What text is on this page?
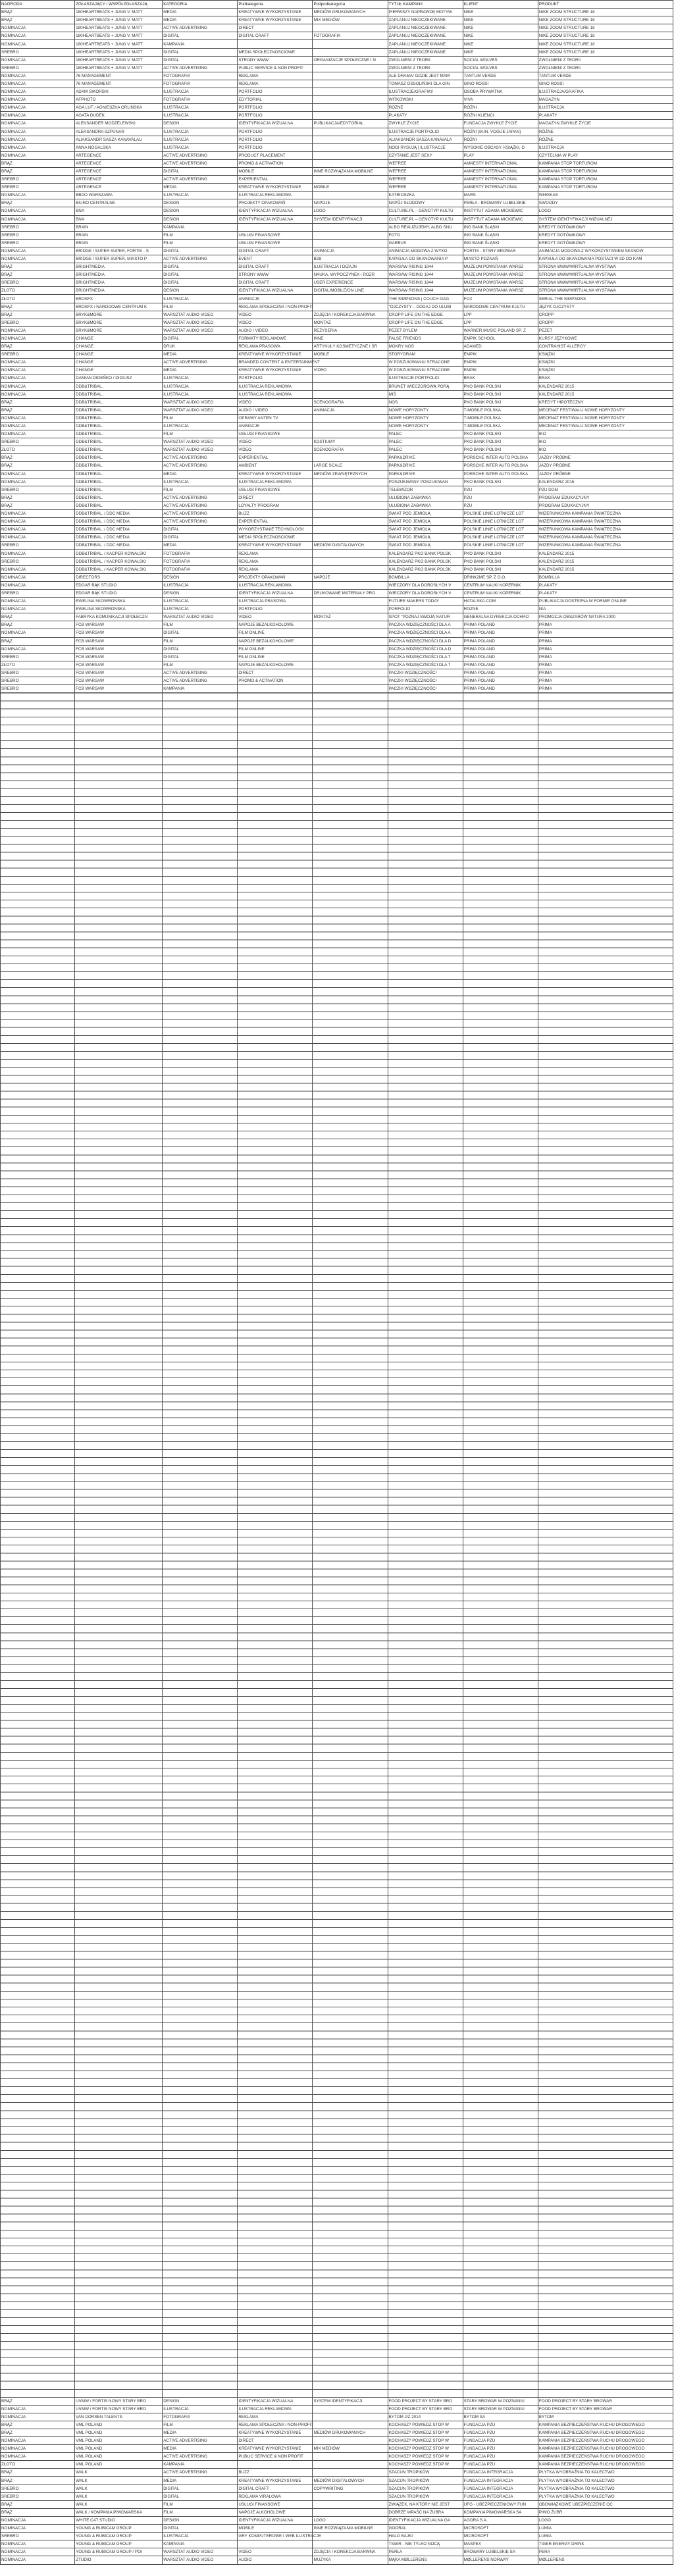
NAGRODA	ZGŁASZAJĄCY / WSPÓŁZGŁASZAJĄ	KATEGORIA	Podkategoria	Podpodkategoria	TYTUŁ KAMPANII	KLIENT	PRODUKT
BRĄZ	180HEARTBEATS + JUNG V. MATT	MEDIA	KREATYWNE WYKORZYSTANIE	MEDIÓW DRUKOWANYCH	PIERWSZY NAPRAWDĘ MOTYW	NIKE	NIKE ZOOM STRUCTURE 18
BRĄZ	180HEARTBEATS + JUNG V. MATT	MEDIA	KREATYWNE WYKORZYSTANIE	MIX MEDIÓW	ZAPLANUJ NIEOCZEKIWANE	NIKE	NIKE ZOOM STRUCTURE 18
NOMINACJA	180HEARTBEATS + JUNG V. MATT	ACTIVE ADVERTISING	DIRECT		ZAPLANUJ NIEOCZEKIWANE	NIKE	NIKE ZOOM STRUCTURE 18
NOMINACJA	180HEARTBEATS + JUNG V. MATT	DIGITAL	DIGITAL CRAFT	FOTOGRAFIA	ZAPLANUJ NIEOCZEKIWANE	NIKE	NIKE ZOOM STRUCTURE 18
NOMINACJA	180HEARTBEATS + JUNG V. MATT	KAMPANIA			ZAPLANUJ NIEOCZEKIWANE	NIKE	NIKE ZOOM STRUCTURE 18
SREBRO	180HEARTBEATS + JUNG V. MATT	DIGITAL	MEDIA SPOŁECZNOSCIOWE		ZAPLANUJ NIEOCZEKIWANE	NIKE	NIKE ZOOM STRUCTURE 18
NOMINACJA	180HEARTBEATS + JUNG V. MATT	DIGITAL	STRONY WWW	ORGANIZACJE SPOŁECZNE I N	ZWOLNIENI Z TEORII	SOCIAL WOLVES	ZWOLNIENI Z TEORII
SREBRO	180HEARTBEATS + JUNG V. MATT	ACTIVE ADVERTISING	PUBLIC SERVICE & NON PROFIT		ZWOLNIENI Z TEORII	SOCIAL WOLVES	ZWOLNIENI Z TEORII
NOMINACJA	76 MANAGEMENT	FOTOGRAFIA	REKLAMA		ALE DRAMA! GDZIE JEST MAM	TANTUM VERDE	TANTUM VERDE
NOMINACJA	76 MANAGEMENT	FOTOGRAFIA	REKLAMA		TOMASZ OSSOLIŃSKI DLA GIN	GINO ROSSI	GINO ROSSI
NOMINACJA	ADAM SIKORSKI	ILUSTRACJA	PORTFOLIO		ILUSTRACJE/GRAFIKI/	OSOBA PRYWATNA	ILUSTRACJA/GRAFIKA
NOMINACJA	AFPHOTO	FOTOGRAFIA	EDYTORIAL		WITKOWSKI	VIVA	MAGAZYN
NOMINACJA	AGA LUT / AGNIESZKA ORLIŃSKA	ILUSTRACJA	PORTFOLIO		RÓŻNE	RÓŻNI	ILUSTRACJA
NOMINACJA	AGATA DUDEK	ILUSTRACJA	PORTFOLIO		PLAKATY	RÓŻNI KLIENCI	PLAKATY
NOMINACJA	ALEKSANDER MODZELEWSKI	DESIGN	IDENTYFIKACJA WIZUALNA	PUBLIKACJA/EDYTORIAL	ZWYKŁE ŻYCIE	FUNDACJA ZWYKŁE ŻYCIE	MAGAZYN ZWYKŁE ŻYCIE
NOMINACJA	ALEKSANDRA SZPUNAR	ILUSTRACJA	PORTFOLIO		ILUSTRACJE PORTFOLIO	RÓŻNI (M.IN. VOGUE JAPAN)	RÓŻNE
NOMINACJA	ALIAKSANDR SASZA KANAVALAU	ILUSTRACJA	PORTFOLIO		ALIAKSANDR SASZA KANAVALA	RÓŻNI	RÓŻNE
NOMINACJA	ANNA NOGALSKA	ILUSTRACJA	PORTFOLIO		NOGI RYSUJĄ | ILUSTRACJE	WYSOKIE OBCASY, KSIĄŻKI, D	ILUSTRACJA
NOMINACJA	ARTEGENCE	ACTIVE ADVERTISING	PRODUCT PLACEMENT		CZYTANIE JEST SEXY	PLAY	CZYTELNIA W PLAY
BRĄZ	ARTEGENCE	ACTIVE ADVERTISING	PROMO & ACTIVATION		WEFREE	AMNESTY INTERNATIONAL	KAMPANIA STOP TORTUROM
BRĄZ	ARTEGENCE	DIGITAL	MOBILE	INNE ROZWIĄZANIA MOBILNE	WEFREE	AMNESTY INTERNATIONAL	KAMPANIA STOP TORTUROM
SREBRO	ARTEGENCE	ACTIVE ADVERTISING	EXPERIENTIAL		WEFREE	AMNESTY INTERNATIONAL	KAMPANIA STOP TORTUROM
SREBRO	ARTEGENCE	MEDIA	KREATYWNE WYKORZYSTANIE	MOBILE	WEFREE	AMNESTY INTERNATIONAL	KAMPANIA STOP TORTUROM
NOMINACJA	BBDO WARSZAWA	ILUSTRACJA	ILUSTRACJA REKLAMOWA		KATRIOSZKA	MARS	WHISKAS
BRĄZ	BIURO CENTRALNE	DESIGN	PROJEKTY OPAKOWAŃ	NAPOJE	NAPÓJ SŁODOWY	PERŁA - BROWARY LUBELSKIE	SWOODY
NOMINACJA	BNA	DESIGN	IDENTYFIKACJA WIZUALNA	LOGO	CULTURE.PL – GENOTYP KULTU	INSTYTUT ADAMA MICKIEWIC	LOGO
NOMINACJA	BNA	DESIGN	IDENTYFIKACJA WIZUALNA	SYSTEM IDENTYFIKACJI	CULTURE.PL – GENOTYP KULTU	INSTYTUT ADAMA MICKIEWIC	SYSTEM IDENTYFIKACJI WIZUALNEJ
SREBRO	BRAIN	KAMPANIA			ALBO REALIZUJEMY, ALBO SNU	ING BANK ŚLĄSKI	KREDYT GOTÓWKOWY
SREBRO	BRAIN	FILM	USŁUGI FINANSOWE		FOTO	ING BANK ŚLĄSKI	KREDYT GOTÓWKOWY
SREBRO	BRAIN	FILM	USŁUGI FINANSOWE		GARBUS	ING BANK ŚLĄSKI	KREDYT GOTÓWKOWY
NOMINACJA	BRIDGE / SUPER SUPER, FORTIS - S	DIGITAL	DIGITAL CRAFT	ANIMACJA	ANIMACJA MODOWA Z WYKO	FORTIS - STARY BROWAR	ANIMACJA MODOWA Z WYKORZYSTANIEM SKANOW
NOMINACJA	BRIDGE / SUPER SUPER, MIASTO P	ACTIVE ADVERTISING	EVENT	B2B	KAPSUŁA DO SKANOWANIA P	MIASTO POZNAŃ	KAPSUŁA DO SKANOWANIA POSTACI W 3D DO KAM
BRĄZ	BRIGHTMEDIA	DIGITAL	DIGITAL CRAFT	ILUSTRACJA I DIZAJN	WARSAW RISING 1944	MUZEUM POWSTANIA WARSZ	STRONA WWW/WIRTUALNA WYSTAWA
BRĄZ	BRIGHTMEDIA	DIGITAL	STRONY WWW	NAUKA, WYPOCZYNEK i ROZR	WARSAW RISING 1944	MUZEUM POWSTANIA WARSZ	STRONA WWW/WIRTUALNA WYSTAWA
SREBRO	BRIGHTMEDIA	DIGITAL	DIGITAL CRAFT	USER EXPERIENCE	WARSAW RISING 1944	MUZEUM POWSTANIA WARSZ	STRONA WWW/WIRTUALNA WYSTAWA
ZŁOTO	BRIGHTMEDIA	DESIGN	IDENTYFIKACJA WIZUALNA	DIGITAL/MOBILE/ON LINE	WARSAW RISING 1944	MUZEUM POWSTANIA WARSZ	STRONA WWW/WIRTUALNA WYSTAWA
ZŁOTO	BROSFX	ILUSTRACJA	ANIMACJE		THE SIMPSONS | COUCH GAG	FOX	SERIAL THE SIMPSONS
BRĄZ	BROSFX / NARODOWE CENTRUM K	FILM	REKLAMA SPOŁECZNA I NON-PROFIT		"OJCZYSTY – DODAJ DO ULUBI	NARODOWE CENTRUM KULTU	JĘZYK OJCZYSTY
BRĄZ	BRYK&MORE	WARSZTAT AUDIO VIDEO	VIDEO	ZDJĘCIA / KOREKCJA BARWNA	CROPP LIFE ON THE EDGE	LPP	CROPP
SREBRO	BRYK&MORE	WARSZTAT AUDIO VIDEO	VIDEO	MONTAŻ	CROPP LIFE ON THE EDGE	LPP	CROPP
NOMINACJA	BRYK&MORE	WARSZTAT AUDIO VIDEO	AUDIO / VIDEO	REŻYSERIA	PEZET BYŁEM	WARNER MUSIC POLAND SP. Z	PEZET
NOMINACJA	CHANGE	DIGITAL	FORMATY REKLAMOWE	INNE	FALSE FRIENDS	EMPIK SCHOOL	KURSY JĘZYKOWE
BRĄZ	CHANGE	DRUK	REKLAMA PRASOWA	ARTYKUŁY KOSMETYCZNE I ŚR	MOKRY NOS	ADAMED	CONTRAHIST ALLERGY
SREBRO	CHANGE	MEDIA	KREATYWNE WYKORZYSTANIE	MOBILE	STORYGRAM	EMPIK	KSIĄŻKI
NOMINACJA	CHANGE	ACTIVE ADVERTISING	BRANDED CONTENT & ENTERTAINMENT		W POSZUKIWANIU STRACONE	EMPIK	KSIĄŻKI
NOMINACJA	CHANGE	MEDIA	KREATYWNE WYKORZYSTANIE	VIDEO	W POSZUKIWANIU STRACONE	EMPIK	KSIĄŻKI
NOMINACJA	DAMIAN DIDEŃKO / DIDIUSZ	ILUSTRACJA	PORTFOLIO		ILUSTRACJE PORTFOLIO	BRAK	BRAK
NOMINACJA	DDB&TRIBAL.	ILUSTRACJA	ILUSTRACJA REKLAMOWA		BRUNET WIECZOROWĄ PORĄ	PKO BANK POLSKI	KALENDARZ 2015
NOMINACJA	DDB&TRIBAL.	ILUSTRACJA	ILUSTRACJA REKLAMOWA		MIŚ	PKO BANK POLSKI	KALENDARZ 2015
BRĄZ	DDB&TRIBAL.	WARSZTAT AUDIO VIDEO	VIDEO	SCENOGRAFIA	NOS	PKO BANK POLSKI	KREDYT HIPOTECZNY
BRĄZ	DDB&TRIBAL.	WARSZTAT AUDIO VIDEO	AUDIO / VIDEO	ANIMACJA	NOWE HORYZONTY	T-MOBILE POLSKA	MECENAT FESTIWALU NOWE HORYZONTY
NOMINACJA	DDB&TRIBAL.	FILM	OPRAWY ANTEN TV		NOWE HORYZONTY	T-MOBILE POLSKA	MECENAT FESTIWALU NOWE HORYZONTY
NOMINACJA	DDB&TRIBAL.	ILUSTRACJA	ANIMACJE		NOWE HORYZONTY	T-MOBILE POLSKA	MECENAT FESTIWALU NOWE HORYZONTY
NOMINACJA	DDB&TRIBAL.	FILM	USŁUGI FINANSOWE		PALEC	PKO BANK POLSKI	IKO
SREBRO	DDB&TRIBAL.	WARSZTAT AUDIO VIDEO	VIDEO	KOSTIUMY	PALEC	PKO BANK POLSKI	IKO
ZŁOTO	DDB&TRIBAL.	WARSZTAT AUDIO VIDEO	VIDEO	SCENOGRAFIA	PALEC	PKO BANK POLSKI	IKO
BRĄZ	DDB&TRIBAL.	ACTIVE ADVERTISING	EXPERIENTIAL		PARK&DRIVE	PORSCHE INTER AUTO POLSKA	JAZDY PRÓBNE
BRĄZ	DDB&TRIBAL.	ACTIVE ADVERTISING	AMBIENT	LARGE SCALE	PARK&DRIVE	PORSCHE INTER AUTO POLSKA	JAZDY PRÓBNE
NOMINACJA	DDB&TRIBAL.	MEDIA	KREATYWNE WYKORZYSTANIE	MEDIÓW ZEWNĘTRZNYCH	PARK&DRIVE	PORSCHE INTER AUTO POLSKA	JAZDY PRÓBNE
NOMINACJA	DDB&TRIBAL.	ILUSTRACJA	ILUSTRACJA REKLAMOWA		POSZUKIWANY POSZUKIWAN	PKO BANK POLSKI	KALENDARZ 2015
SREBRO	DDB&TRIBAL.	FILM	USŁUGI FINANSOWE		TELEWIZOR	PZU	PZU DOM
BRĄZ	DDB&TRIBAL.	ACTIVE ADVERTISING	DIRECT		ULUBIONA ZABAWKA	PZU	PROGRAM EDUKACYJNY
BRĄZ	DDB&TRIBAL.	ACTIVE ADVERTISING	LOYALTY PROGRAM		ULUBIONA ZABAWKA	PZU	PROGRAM EDUKACYJNY
NOMINACJA	DDB&TRIBAL. / DDC MEDIA	ACTIVE ADVERTISING	BUZZ		ŚWIAT POD JEMIOŁĄ	POLSKIE LINIE LOTNICZE LOT	WIZERUNKOWA KAMPANIA ŚWIĄTECZNA
NOMINACJA	DDB&TRIBAL. / DDC MEDIA	ACTIVE ADVERTISING	EXPERIENTIAL		ŚWIAT POD JEMIOŁĄ	POLSKIE LINIE LOTNICZE LOT	WIZERUNKOWA KAMPANIA ŚWIĄTECZNA
NOMINACJA	DDB&TRIBAL. / DDC MEDIA	DIGITAL	WYKORZYSTANIE TECHNOLOGII		ŚWIAT POD JEMIOŁĄ	POLSKIE LINIE LOTNICZE LOT	WIZERUNKOWA KAMPANIA ŚWIĄTECZNA
NOMINACJA	DDB&TRIBAL. / DDC MEDIA	DIGITAL	MEDIA SPOŁECZNOSCIOWE		ŚWIAT POD JEMIOŁĄ	POLSKIE LINIE LOTNICZE LOT	WIZERUNKOWA KAMPANIA ŚWIĄTECZNA
SREBRO	DDB&TRIBAL. / DDC MEDIA	MEDIA	KREATYWNE WYKORZYSTANIE	MEDIÓW DIGITALOWYCH	ŚWIAT POD JEMIOŁĄ	POLSKIE LINIE LOTNICZE LOT	WIZERUNKOWA KAMPANIA ŚWIĄTECZNA
NOMINACJA	DDB&TRIBAL. / KACPER KOWALSKI	FOTOGRAFIA	REKLAMA		KALENDARZ PKO BANK POLSK	PKO BANK POLSKI	KALENDARZ 2015
SREBRO	DDB&TRIBAL. / KACPER KOWALSKI	FOTOGRAFIA	REKLAMA		KALENDARZ PKO BANK POLSK	PKO BANK POLSKI	KALENDARZ 2015
NOMINACJA	DDB&TRIBAL. / KACPER KOWALSKI	FOTOGRAFIA	REKLAMA		KALENDARZ PKO BANK POLSK	PKO BANK POLSKI	KALENDARZ 2015
NOMINACJA	DIRECTORS	DESIGN	PROJEKTY OPAKOWAŃ	NAPOJE	BOMBILLA	DRINK2ME SP. Z O.O.	BOMBILLA
NOMINACJA	EDGAR BĄK STUDIO	ILUSTRACJA	ILUSTRACJA REKLAMOWA		WIECZORY DLA DOROSŁYCH V	CENTRUM NAUKI KOPERNIK	PLAKATY
SREBRO	EDGAR BĄK STUDIO	DESIGN	IDENTYFIKACJA WIZUALNA	DRUKOWANE MATERIAŁY PRO	WIECZORY DLA DOROSŁYCH V	CENTRUM NAUKI KOPERNIK	PLAKATY
NOMINACJA	EWELINA SKOWRONSKA	ILUSTRACJA	ILUSTRACJA PRASOWA		FUTURE MAKERS TODAY	HATALSKA.COM	PUBLIKACJA DOSTEPNA W FORMIE ONLINE
NOMINACJA	EWELINA SKOWRONSKA	ILUSTRACJA	PORTFOLIO		PORFOLIO	ROZNE	N/A
BRĄZ	FABRYKA KOMUNIKACJI SPOŁECZN	WARSZTAT AUDIO VIDEO	VIDEO	MONTAŻ	SPOT "POZNAJ SWOJĄ NATUR	GENERALNA DYREKCJA OCHRO	PROMOCJA OBSZARÓW NATURA 2000
BRĄZ	FCB WARSAW	FILM	NAPOJE BEZALKOHOLOWE		PACZKA WDZIĘCZNOŚCI DLA A	PRIMA POLAND	PRIMA
NOMINACJA	FCB WARSAW	DIGITAL	FILM ONLINE		PACZKA WDZIĘCZNOŚCI DLA A	PRIMA POLAND	PRIMA
BRĄZ	FCB WARSAW	FILM	NAPOJE BEZALKOHOLOWE		PACZKA WDZIĘCZNOŚCI DLA D	PRIMA POLAND	PRIMA
NOMINACJA	FCB WARSAW	DIGITAL	FILM ONLINE		PACZKA WDZIĘCZNOŚCI DLA D	PRIMA POLAND	PRIMA
SREBRO	FCB WARSAW	DIGITAL	FILM ONLINE		PACZKA WDZIĘCZNOŚCI DLA T	PRIMA POLAND	PRIMA
ZŁOTO	FCB WARSAW	FILM	NAPOJE BEZALKOHOLOWE		PACZKA WDZIĘCZNOŚCI DLA T	PRIMA POLAND	PRIMA
SREBRO	FCB WARSAW	ACTIVE ADVERTISING	DIRECT		PACZKI WDZIĘCZNOŚCI	PRIMA POLAND	PRIMA
SREBRO	FCB WARSAW	ACTIVE ADVERTISING	PROMO & ACTIVATION		PACZKI WDZIĘCZNOŚCI	PRIMA POLAND	PRIMA
SREBRO	FCB WARSAW	KAMPANIA			PACZKI WDZIĘCZNOŚCI	PRIMA POLAND	PRIMA

BRĄZ	UVMW / FORTIS NOWY STARY BRO	DESIGN	IDENTYFIKACJA WIZUALNA	SYSTEM IDENTYFIKACJI	FOOD PROJECT BY STARY BRO	STARY BROWAR W POZNANIU	FOOD PROJECT BY STARY BROWAR
NOMINACJA	UVMW / FORTIS NOWY STARY BRO	ILUSTRACJA	ILUSTRACJA REKLAMOWA		FOOD PROJECT BY STARY BRO	STARY BROWAR W POZNANIU	FOOD PROJECT BY STARY BROWAR
NOMINACJA	VAN DORSEN TALENTS	FOTOGRAFIA	REKLAMA		BYTOM J/Z 2014	BYTOM SA	BYTOM
BRĄZ	VML POLAND	FILM	REKLAMA SPOŁECZNA I NON-PROFIT		KOCHASZ? POWIEDZ STOP W	FUNDACJA PZU	KAMPANIA BEZPIECZEŃSTWA RUCHU DROGOWEGO
BRĄZ	VML POLAND	MEDIA	KREATYWNE WYKORZYSTANIE	MEDIÓW DRUKOWANYCH	KOCHASZ? POWIEDZ STOP W	FUNDACJA PZU	KAMPANIA BEZPIECZEŃSTWA RUCHU DROGOWEGO
NOMINACJA	VML POLAND	ACTIVE ADVERTISING	DIRECT		KOCHASZ? POWIEDZ STOP W	FUNDACJA PZU	KAMPANIA BEZPIECZEŃSTWA RUCHU DROGOWEGO
NOMINACJA	VML POLAND	MEDIA	KREATYWNE WYKORZYSTANIE	MIX MEDIÓW	KOCHASZ? POWIEDZ STOP W	FUNDACJA PZU	KAMPANIA BEZPIECZEŃSTWA RUCHU DROGOWEGO
NOMINACJA	VML POLAND	ACTIVE ADVERTISING	PUBLIC SERVICE & NON PROFIT		KOCHASZ? POWIEDZ STOP W	FUNDACJA PZU	KAMPANIA BEZPIECZEŃSTWA RUCHU DROGOWEGO
ZŁOTO	VML POLAND	KAMPANIA			KOCHASZ? POWIEDZ STOP W	FUNDACJA PZU	KAMPANIA BEZPIECZEŃSTWA RUCHU DROGOWEGO
BRĄZ	WALK	ACTIVE ADVERTISING	BUZZ		SZACUN TROPIKÓW	FUNDACJA INTEGRACJA	PŁYTKA WYOBRAŹNIA TO KALECTWO
BRĄZ	WALK	MEDIA	KREATYWNE WYKORZYSTANIE	MEDIÓW DIGITALOWYCH	SZACUN TROPIKÓW	FUNDACJA INTEGRACJA	PŁYTKA WYOBRAŹNIA TO KALECTWO
SREBRO	WALK	DIGITAL	DIGITAL CRAFT	COPYWRITING	SZACUN TROPIKÓW	FUNDACJA INTEGRACJA	PŁYTKA WYOBRAŹNIA TO KALECTWO
SREBRO	WALK	DIGITAL	REKLAMA VIRALOWA		SZACUN TROPIKÓW	FUNDACJA INTEGRACJA	PŁYTKA WYOBRAŹNIA TO KALECTWO
BRĄZ	WALK	FILM	USŁUGI FINANSOWE		ZWIĄZEK, NA KTÓRY NIE JEST	UFG - UBEZPIECZENIOWY FUN	OBOWIĄZKOWE UBEZPIECZENIE OC
BRĄZ	WALK / KOMPANIA PIWOWARSKA	FILM	NAPOJE ALKOHOLOWE		DOBRZE WPAŚĆ NA ŻUBRA	KOMPANIA PIWOWARSKA SA	PIWO ŻUBR
NOMINACJA	WHITE CAT STUDIO	DESIGN	IDENTYFIKACJA WIZUALNA	LOGO	IDENTYFIKACJA WIZUALNA GA	AGORA S.A.	LOGO
NOMINACJA	YOUNG & RUBICAM GROUP	DIGITAL	MOBILE	INNE ROZWIĄZANIA MOBILNE	GOORAL	MICROSOFT	LUMIA
SREBRO	YOUNG & RUBICAM GROUP	ILUSTRACJA	GRY KOMPUTEROWE I WEB ILUSTRACJE		HALO BAJKI	MICROSOFT	LUMIA
NOMINACJA	YOUNG & RUBICAM GROUP	KAMPANIA			TIGER - NIE TYLKO NOCĄ	MASPEX	TIGER ENERGY DRINK
NOMINACJA	YOUNG & RUBICAM GROUP / POI	WARSZTAT AUDIO VIDEO	VIDEO	ZDJĘCIA / KOREKCJA BARWNA	PERŁA	BROWARY LUBELSKIE SA	PERA
NOMINACJA	ZTUDIO	WARSZTAT AUDIO VIDEO	AUDIO	MUZYKA	MĄKA MØLLERENS	MØLLERENS NORWAY	MØLLERENS
